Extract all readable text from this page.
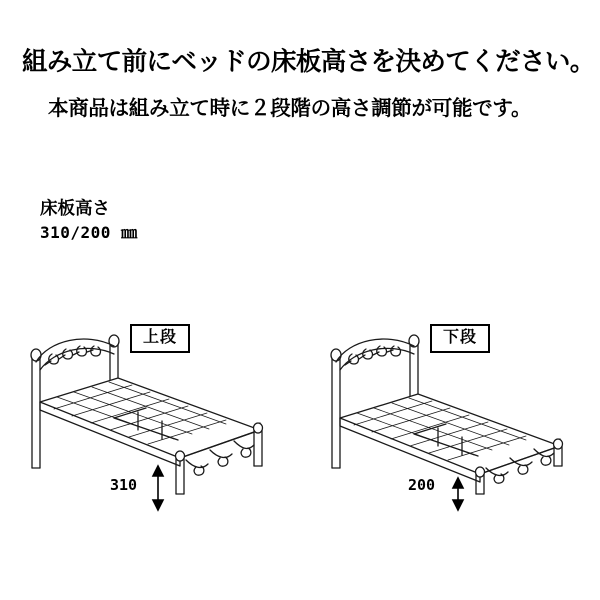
組み立て前にベッドの床板高さを決めてください。
本商品は組み立て時に２段階の高さ調節が可能です。
床板高さ
310/200 ㎜
上段
310
下段
200
